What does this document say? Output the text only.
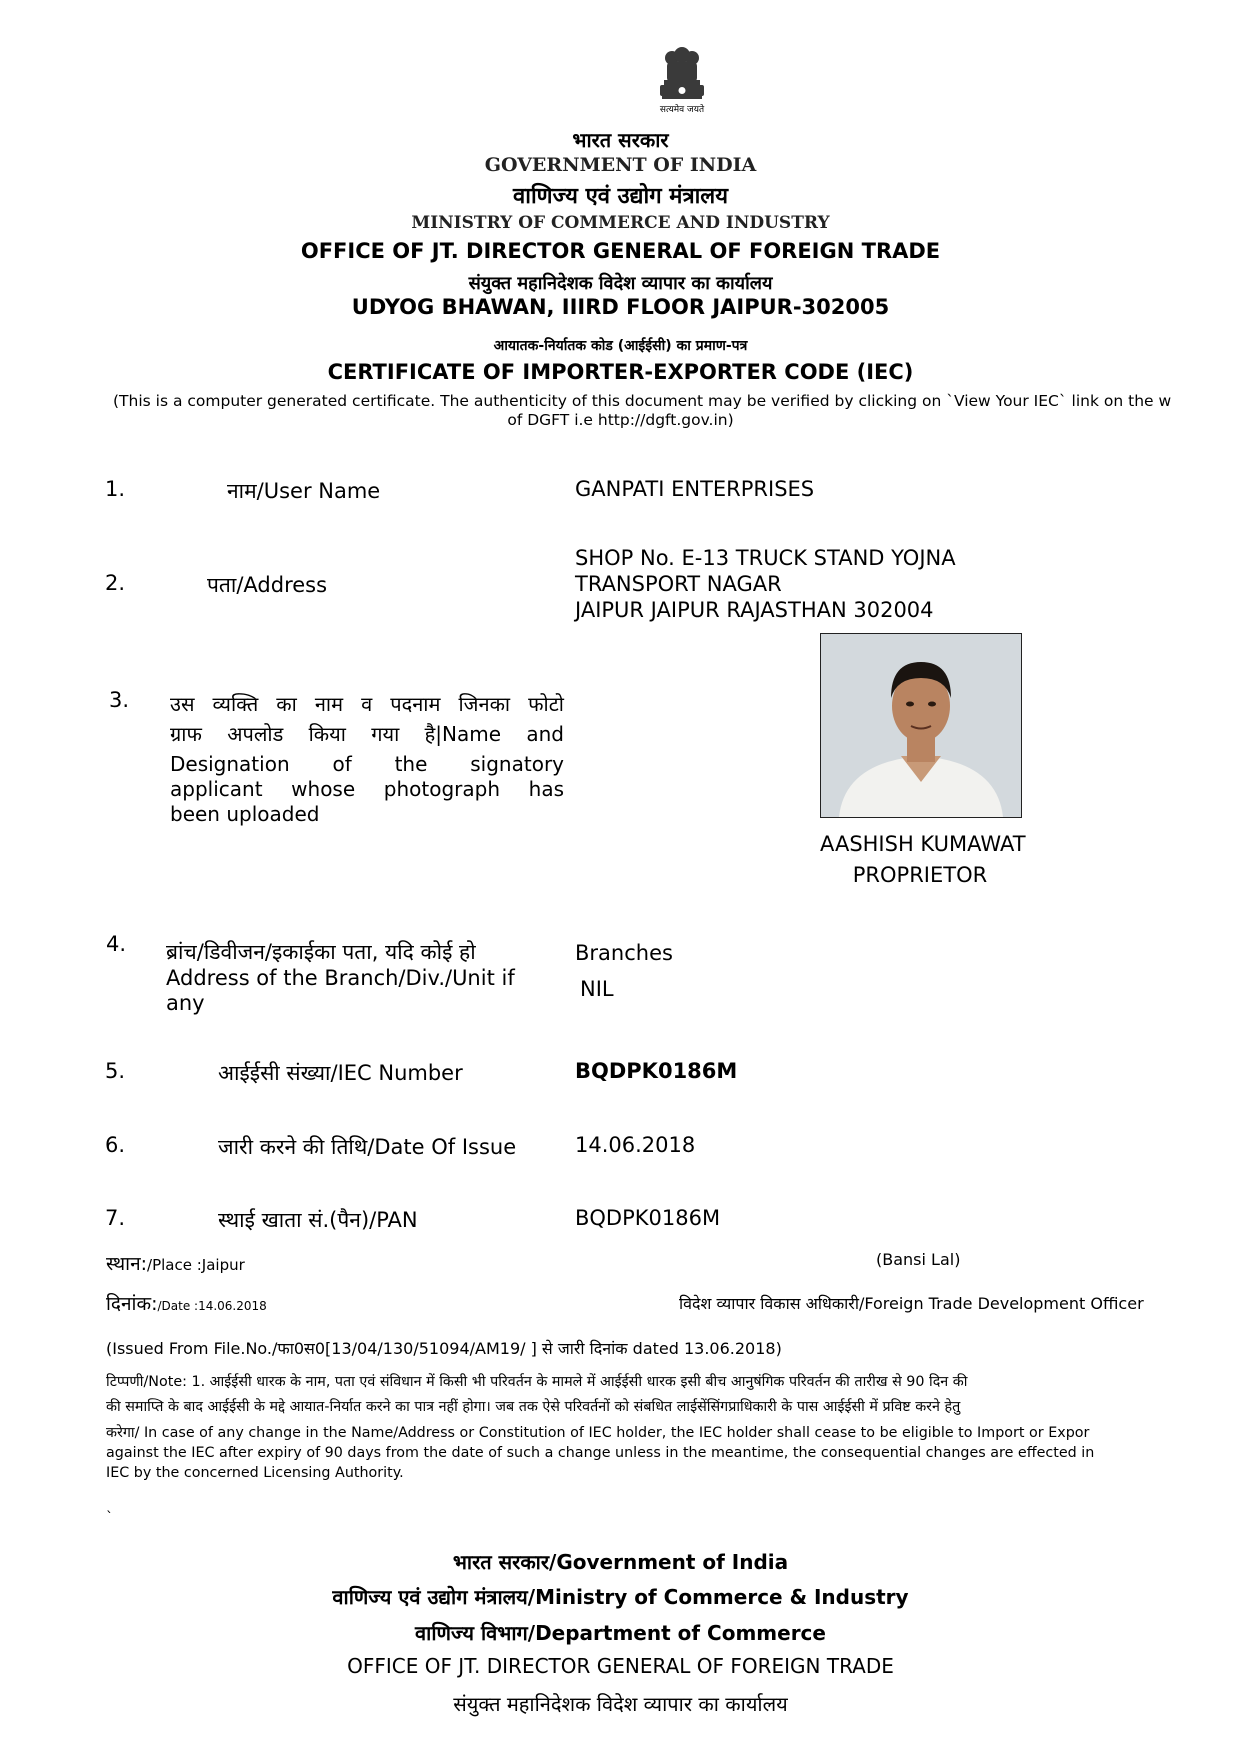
सत्यमेव जयते
भारत सरकार
GOVERNMENT OF INDIA
वाणिज्य एवं उद्योग मंत्रालय
MINISTRY OF COMMERCE AND INDUSTRY
OFFICE OF JT. DIRECTOR GENERAL OF FOREIGN TRADE
संयुक्त महानिदेशक विदेश व्यापार का कार्यालय
UDYOG BHAWAN, IIIRD FLOOR JAIPUR-302005
आयातक-निर्यातक कोड (आईईसी) का प्रमाण-पत्र
CERTIFICATE OF IMPORTER-EXPORTER CODE (IEC)
(This is a computer generated certificate. The authenticity of this document may be verified by clicking on `View Your IEC` link on the w
of DGFT i.e http://dgft.gov.in)
1.	नाम/User Name	GANPATI ENTERPRISES
2.	पता/Address
SHOP No. E-13 TRUCK STAND YOJNA
TRANSPORT NAGAR
JAIPUR JAIPUR RAJASTHAN 302004
3. उस व्यक्ति का नाम व पदनाम जिनका फोटो
ग्राफ अपलोड किया गया है|Name and
Designation of the signatory
applicant whose photograph has
been uploaded
AASHISH KUMAWAT
PROPRIETOR
4. ब्रांच/डिवीजन/इकाईका पता, यदि कोई हो
Address of the Branch/Div./Unit if
any
Branches
NIL
5.	आईईसी संख्या/IEC Number	BQDPK0186M
6.	जारी करने की तिथि/Date Of Issue	14.06.2018
7.	स्थाई खाता सं.(पैन)/PAN	BQDPK0186M
स्थान:/Place :Jaipur	(Bansi Lal)
दिनांक:/Date :14.06.2018	विदेश व्यापार विकास अधिकारी/Foreign Trade Development Officer
(Issued From File.No./फा0स0[13/04/130/51094/AM19/ ] से जारी दिनांक dated 13.06.2018)
टिप्पणी/Note: 1. आईईसी धारक के नाम, पता एवं संविधान में किसी भी परिवर्तन के मामले में आईईसी धारक इसी बीच आनुषंगिक परिवर्तन की तारीख से 90 दिन की
की समाप्ति के बाद आईईसी के मद्दे आयात-निर्यात करने का पात्र नहीं होगा। जब तक ऐसे परिवर्तनों को संबधित लाईसेंसिंगप्राधिकारी के पास आईईसी में प्रविष्ट करने हेतु
करेगा/ In case of any change in the Name/Address or Constitution of IEC holder, the IEC holder shall cease to be eligible to Import or Expor
against the IEC after expiry of 90 days from the date of such a change unless in the meantime, the consequential changes are effected in
IEC by the concerned Licensing Authority.
`
भारत सरकार/Government of India
वाणिज्य एवं उद्योग मंत्रालय/Ministry of Commerce & Industry
वाणिज्य विभाग/Department of Commerce
OFFICE OF JT. DIRECTOR GENERAL OF FOREIGN TRADE
संयुक्त महानिदेशक विदेश व्यापार का कार्यालय
